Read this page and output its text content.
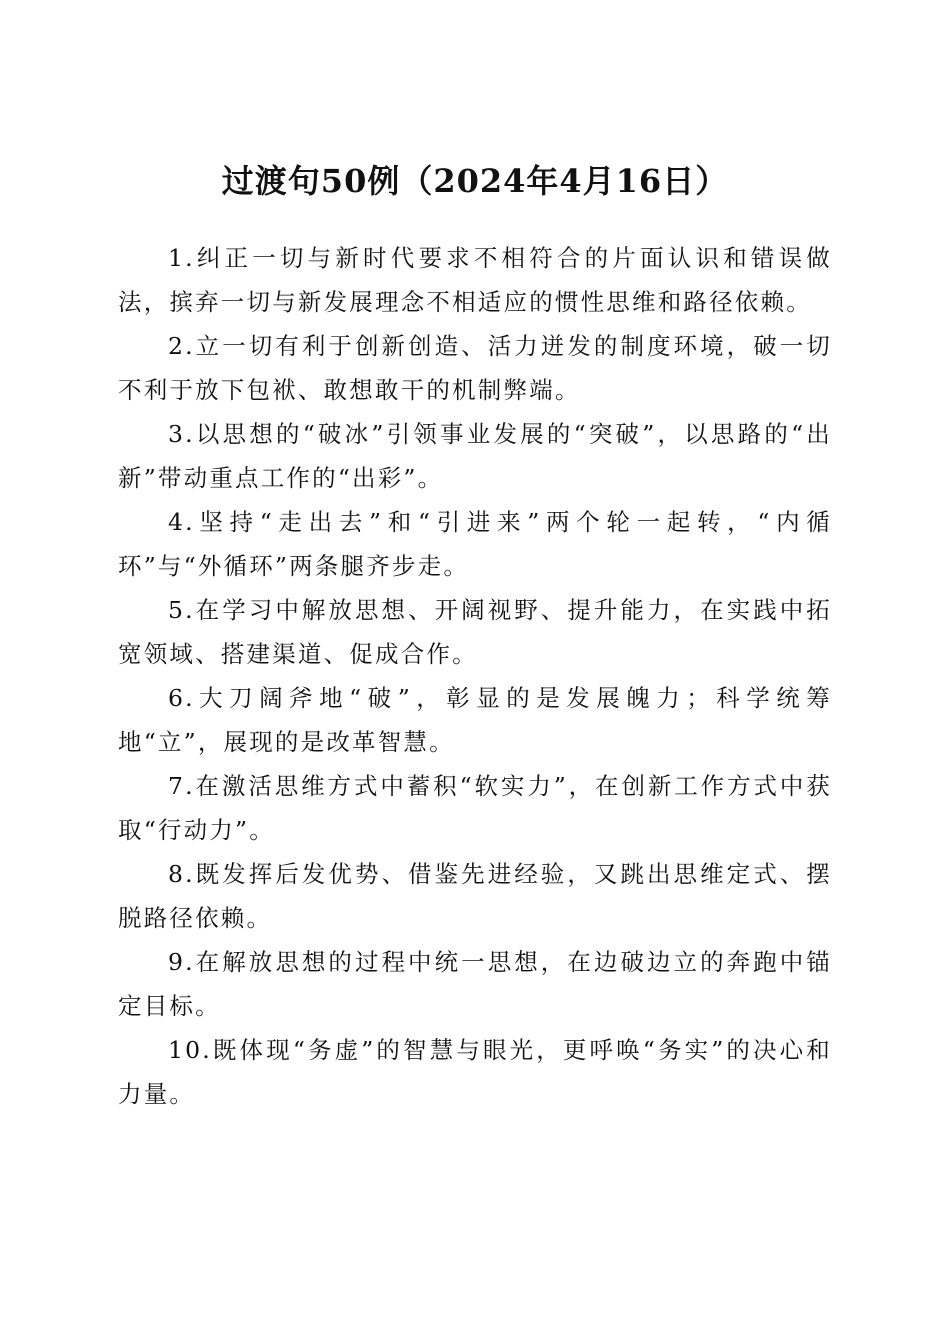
过渡句50例（2024年4月16日）

1.纠正一切与新时代要求不相符合的片面认识和错误做法，摈弃一切与新发展理念不相适应的惯性思维和路径依赖。

2.立一切有利于创新创造、活力迸发的制度环境，破一切不利于放下包袱、敢想敢干的机制弊端。

3.以思想的“破冰”引领事业发展的“突破”，以思路的“出新”带动重点工作的“出彩”。

4.坚持“走出去”和“引进来”两个轮一起转，“内循环”与“外循环”两条腿齐步走。

5.在学习中解放思想、开阔视野、提升能力，在实践中拓宽领域、搭建渠道、促成合作。

6.大刀阔斧地“破”，彰显的是发展魄力；科学统筹地“立”，展现的是改革智慧。

7.在激活思维方式中蓄积“软实力”，在创新工作方式中获取“行动力”。

8.既发挥后发优势、借鉴先进经验，又跳出思维定式、摆脱路径依赖。

9.在解放思想的过程中统一思想，在边破边立的奔跑中锚定目标。

10.既体现“务虚”的智慧与眼光，更呼唤“务实”的决心和力量。
